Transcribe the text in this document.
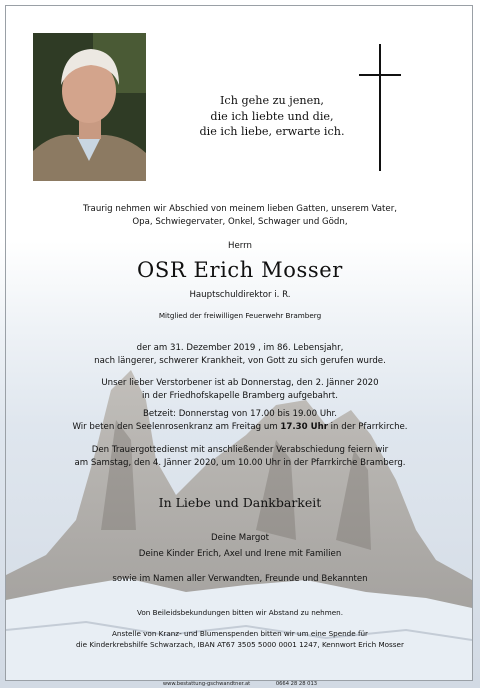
Ich gehe zu jenen,
die ich liebte und die,
die ich liebe, erwarte ich.
Traurig nehmen wir Abschied von meinem lieben Gatten, unserem Vater,
Opa, Schwiegervater, Onkel, Schwager und Gödn,
Herrn
OSR Erich Mosser
Hauptschuldirektor i. R.
Mitglied der freiwilligen Feuerwehr Bramberg
der am 31. Dezember 2019 , im 86. Lebensjahr,
nach längerer, schwerer Krankheit, von Gott zu sich gerufen wurde.
Unser lieber Verstorbener ist ab Donnerstag, den 2. Jänner 2020
in der Friedhofskapelle Bramberg aufgebahrt.
Betzeit: Donnerstag von 17.00 bis 19.00 Uhr.
Wir beten den Seelenrosenkranz am Freitag um 17.30 Uhr in der Pfarrkirche.
Den Trauergottedienst mit anschließender Verabschiedung feiern wir
am Samstag, den 4. Jänner 2020, um 10.00 Uhr in der Pfarrkirche Bramberg.
In Liebe und Dankbarkeit
Deine Margot
Deine Kinder Erich, Axel und Irene mit Familien
sowie im Namen aller Verwandten, Freunde und Bekannten
Von Beileidsbekundungen bitten wir Abstand zu nehmen.
Anstelle von Kranz- und Blumenspenden bitten wir um eine Spende für
die Kinderkrebshilfe Schwarzach, IBAN AT67 3505 5000 0001 1247, Kennwort Erich Mosser
www.bestattung-gschwandtner.at	0664 28 28 013
